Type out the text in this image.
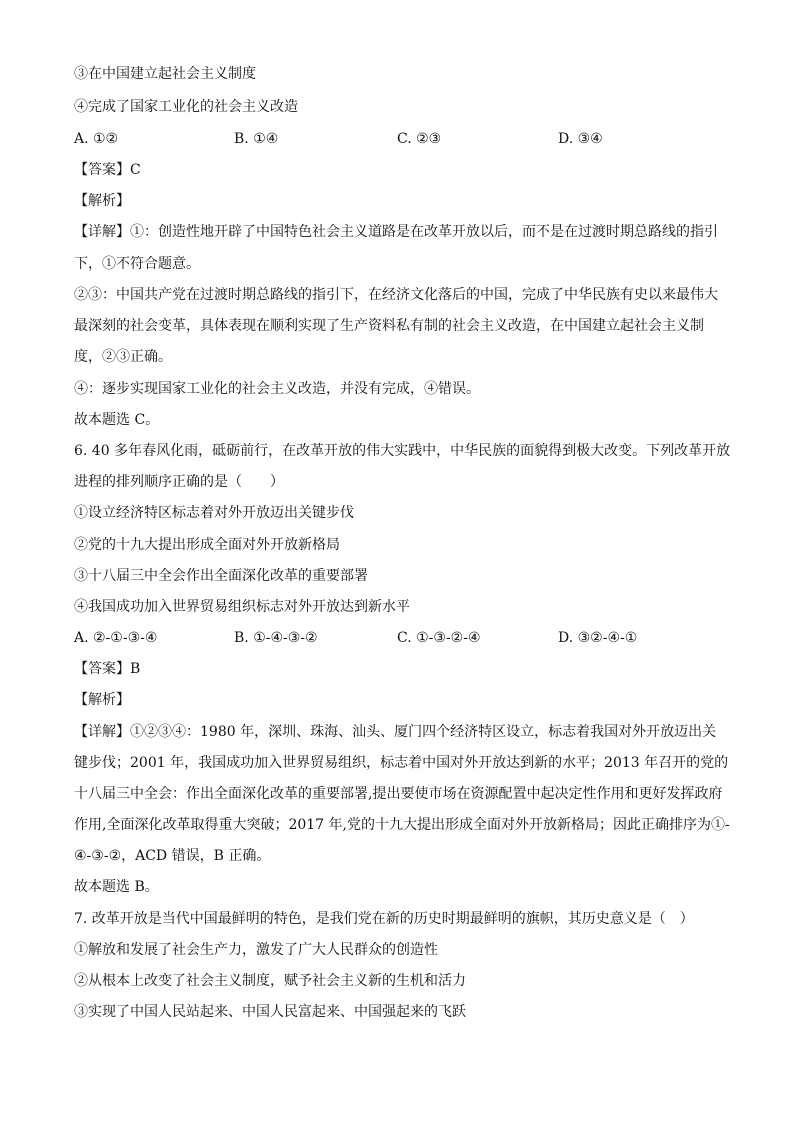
③在中国建立起社会主义制度
④完成了国家工业化的社会主义改造
A. ①②	B. ①④	C. ②③	D. ③④
【答案】C
【解析】
【详解】①：创造性地开辟了中国特色社会主义道路是在改革开放以后，而不是在过渡时期总路线的指引
下，①不符合题意。
②③：中国共产党在过渡时期总路线的指引下，在经济文化落后的中国，完成了中华民族有史以来最伟大
最深刻的社会变革，具体表现在顺利实现了生产资料私有制的社会主义改造，在中国建立起社会主义制
度，②③正确。
④：逐步实现国家工业化的社会主义改造，并没有完成，④错误。
故本题选 C。
6. 40 多年春风化雨，砥砺前行，在改革开放的伟大实践中，中华民族的面貌得到极大改变。下列改革开放
进程的排列顺序正确的是（　　）
①设立经济特区标志着对外开放迈出关键步伐
②党的十九大提出形成全面对外开放新格局
③十八届三中全会作出全面深化改革的重要部署
④我国成功加入世界贸易组织标志对外开放达到新水平
A. ②-①-③-④	B. ①-④-③-②	C. ①-③-②-④	D. ③②-④-①
【答案】B
【解析】
【详解】①②③④：1980 年，深圳、珠海、汕头、厦门四个经济特区设立，标志着我国对外开放迈出关
键步伐；2001 年，我国成功加入世界贸易组织，标志着中国对外开放达到新的水平；2013 年召开的党的
十八届三中全会：作出全面深化改革的重要部署,提出要使市场在资源配置中起决定性作用和更好发挥政府
作用,全面深化改革取得重大突破；2017 年,党的十九大提出形成全面对外开放新格局；因此正确排序为①-
④-③-②，ACD 错误，B 正确。
故本题选 B。
7. 改革开放是当代中国最鲜明的特色，是我们党在新的历史时期最鲜明的旗帜，其历史意义是（　）
①解放和发展了社会生产力，激发了广大人民群众的创造性
②从根本上改变了社会主义制度，赋予社会主义新的生机和活力
③实现了中国人民站起来、中国人民富起来、中国强起来的飞跃
